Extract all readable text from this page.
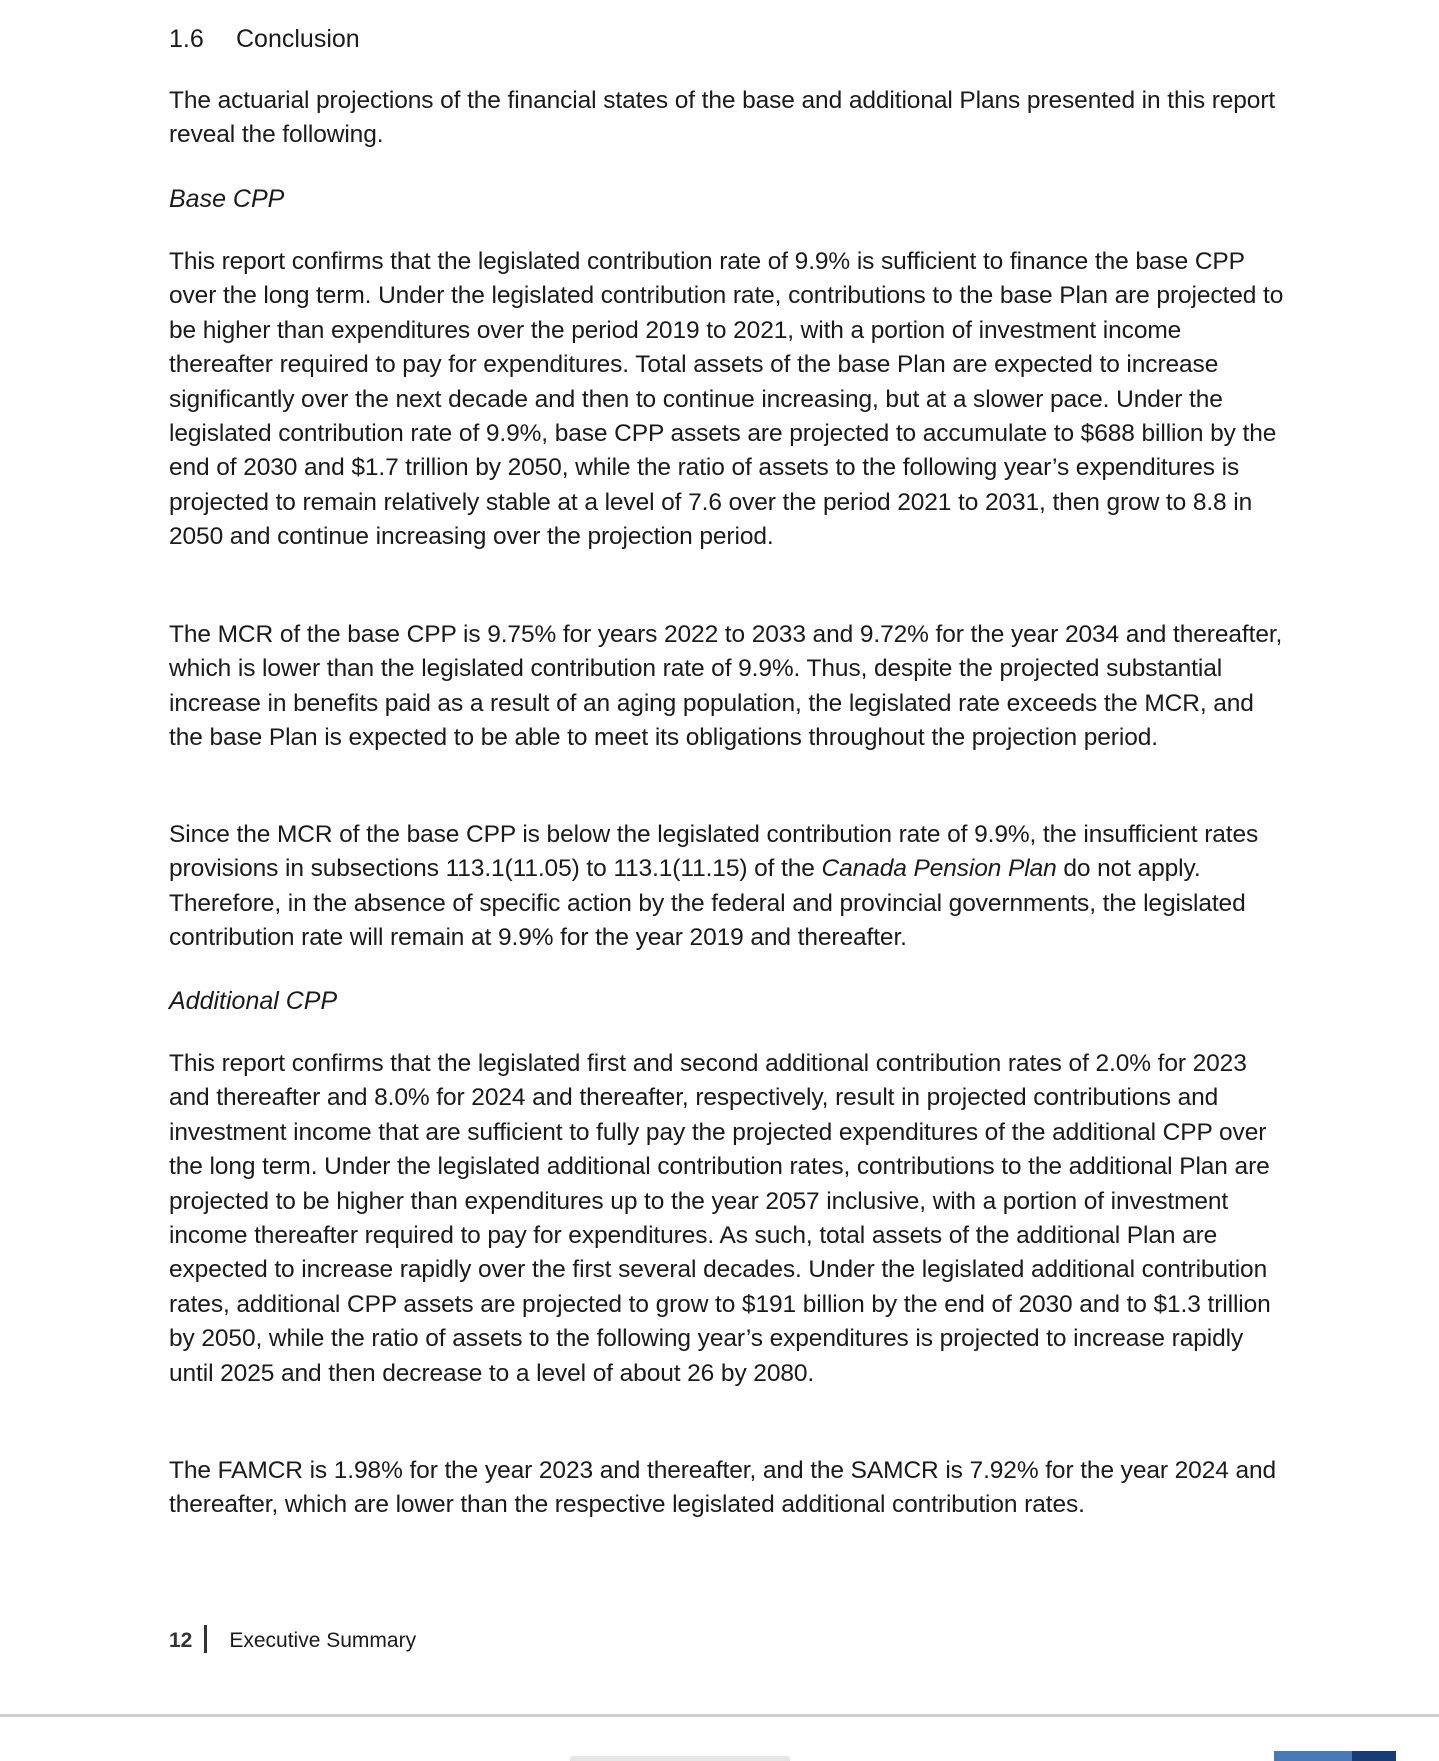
1.6 Conclusion

The actuarial projections of the financial states of the base and additional Plans presented in this report reveal the following.

Base CPP

This report confirms that the legislated contribution rate of 9.9% is sufficient to finance the base CPP over the long term. Under the legislated contribution rate, contributions to the base Plan are projected to be higher than expenditures over the period 2019 to 2021, with a portion of investment income thereafter required to pay for expenditures. Total assets of the base Plan are expected to increase significantly over the next decade and then to continue increasing, but at a slower pace. Under the legislated contribution rate of 9.9%, base CPP assets are projected to accumulate to $688 billion by the end of 2030 and $1.7 trillion by 2050, while the ratio of assets to the following year’s expenditures is projected to remain relatively stable at a level of 7.6 over the period 2021 to 2031, then grow to 8.8 in 2050 and continue increasing over the projection period.

The MCR of the base CPP is 9.75% for years 2022 to 2033 and 9.72% for the year 2034 and thereafter, which is lower than the legislated contribution rate of 9.9%. Thus, despite the projected substantial increase in benefits paid as a result of an aging population, the legislated rate exceeds the MCR, and the base Plan is expected to be able to meet its obligations throughout the projection period.

Since the MCR of the base CPP is below the legislated contribution rate of 9.9%, the insufficient rates provisions in subsections 113.1(11.05) to 113.1(11.15) of the Canada Pension Plan do not apply. Therefore, in the absence of specific action by the federal and provincial governments, the legislated contribution rate will remain at 9.9% for the year 2019 and thereafter.

Additional CPP

This report confirms that the legislated first and second additional contribution rates of 2.0% for 2023 and thereafter and 8.0% for 2024 and thereafter, respectively, result in projected contributions and investment income that are sufficient to fully pay the projected expenditures of the additional CPP over the long term. Under the legislated additional contribution rates, contributions to the additional Plan are projected to be higher than expenditures up to the year 2057 inclusive, with a portion of investment income thereafter required to pay for expenditures. As such, total assets of the additional Plan are expected to increase rapidly over the first several decades. Under the legislated additional contribution rates, additional CPP assets are projected to grow to $191 billion by the end of 2030 and to $1.3 trillion by 2050, while the ratio of assets to the following year’s expenditures is projected to increase rapidly until 2025 and then decrease to a level of about 26 by 2080.

The FAMCR is 1.98% for the year 2023 and thereafter, and the SAMCR is 7.92% for the year 2024 and thereafter, which are lower than the respective legislated additional contribution rates.

12 Executive Summary
